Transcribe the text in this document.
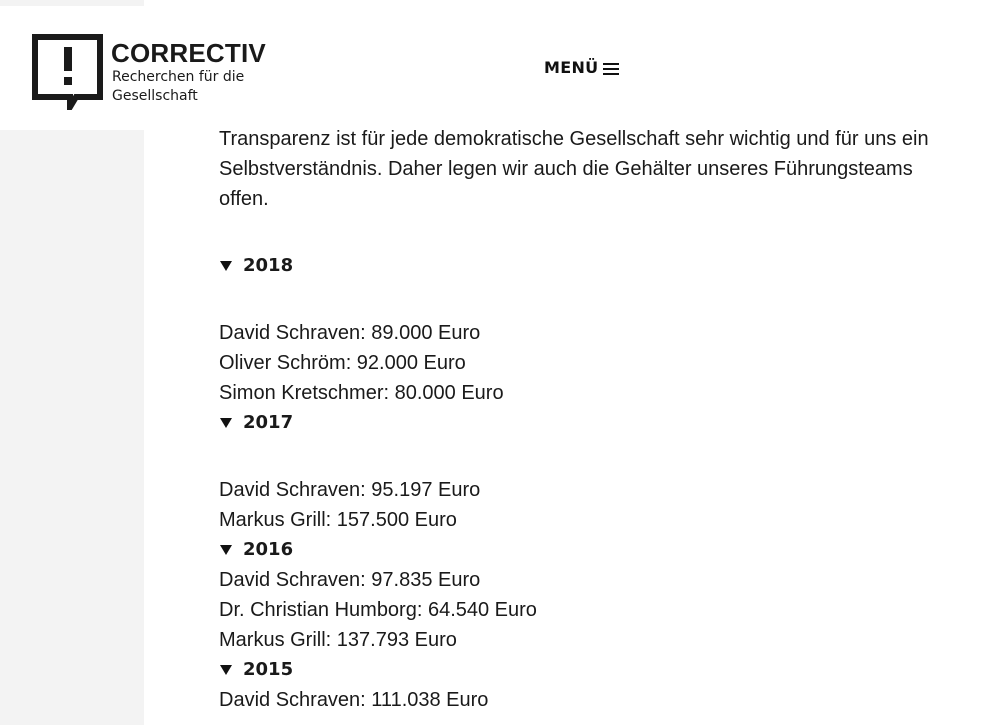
CORRECTIV
Recherchen für die Gesellschaft
MENÜ

Transparenz ist für jede demokratische Gesellschaft sehr wichtig und für uns ein Selbstverständnis. Daher legen wir auch die Gehälter unseres Führungsteams offen.

2018

David Schraven: 89.000 Euro

Oliver Schröm: 92.000 Euro

Simon Kretschmer: 80.000 Euro

2017

David Schraven: 95.197 Euro

Markus Grill: 157.500 Euro

2016

David Schraven: 97.835 Euro

Dr. Christian Humborg: 64.540 Euro

Markus Grill: 137.793 Euro

2015

David Schraven: 111.038 Euro
